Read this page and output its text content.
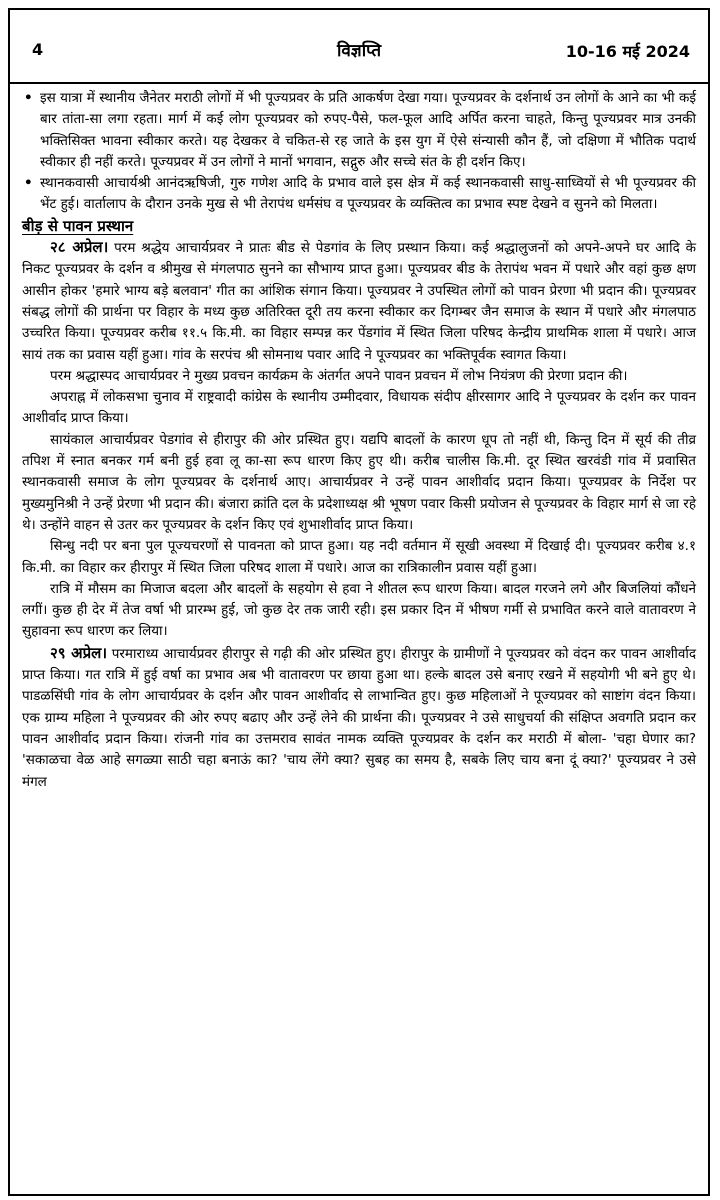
4	विज्ञप्ति	10-16 मई 2024
• इस यात्रा में स्थानीय जैनेतर मराठी लोगों में भी पूज्यप्रवर के प्रति आकर्षण देखा गया। पूज्यप्रवर के दर्शनार्थ उन लोगों के आने का भी कई बार तांता-सा लगा रहता। मार्ग में कई लोग पूज्यप्रवर को रुपए-पैसे, फल-फूल आदि अर्पित करना चाहते, किन्तु पूज्यप्रवर मात्र उनकी भक्तिसिक्त भावना स्वीकार करते। यह देखकर वे चकित-से रह जाते के इस युग में ऐसे संन्यासी कौन हैं, जो दक्षिणा में भौतिक पदार्थ स्वीकार ही नहीं करते। पूज्यप्रवर में उन लोगों ने मानों भगवान, सद्गुरु और सच्चे संत के ही दर्शन किए।
• स्थानकवासी आचार्यश्री आनंदऋषिजी, गुरु गणेश आदि के प्रभाव वाले इस क्षेत्र में कई स्थानकवासी साधु-साध्वियों से भी पूज्यप्रवर की भेंट हुई। वार्तालाप के दौरान उनके मुख से भी तेरापंथ धर्मसंघ व पूज्यप्रवर के व्यक्तित्व का प्रभाव स्पष्ट देखने व सुनने को मिलता।
बीड़ से पावन प्रस्थान

२८ अप्रेल। परम श्रद्धेय आचार्यप्रवर ने प्रातः बीड से पेडगांव के लिए प्रस्थान किया। कई श्रद्धालुजनों को अपने-अपने घर आदि के निकट पूज्यप्रवर के दर्शन व श्रीमुख से मंगलपाठ सुनने का सौभाग्य प्राप्त हुआ। पूज्यप्रवर बीड के तेरापंथ भवन में पधारे और वहां कुछ क्षण आसीन होकर 'हमारे भाग्य बड़े बलवान' गीत का आंशिक संगान किया। पूज्यप्रवर ने उपस्थित लोगों को पावन प्रेरणा भी प्रदान की। पूज्यप्रवर संबद्ध लोगों की प्रार्थना पर विहार के मध्य कुछ अतिरिक्त दूरी तय करना स्वीकार कर दिगम्बर जैन समाज के स्थान में पधारे और मंगलपाठ उच्चरित किया। पूज्यप्रवर करीब ११.५ कि.मी. का विहार सम्पन्न कर पेंडगांव में स्थित जिला परिषद केन्द्रीय प्राथमिक शाला में पधारे। आज सायं तक का प्रवास यहीं हुआ। गांव के सरपंच श्री सोमनाथ पवार आदि ने पूज्यप्रवर का भक्तिपूर्वक स्वागत किया।

परम श्रद्धास्पद आचार्यप्रवर ने मुख्य प्रवचन कार्यक्रम के अंतर्गत अपने पावन प्रवचन में लोभ नियंत्रण की प्रेरणा प्रदान की।

अपराह्न में लोकसभा चुनाव में राष्ट्रवादी कांग्रेस के स्थानीय उम्मीदवार, विधायक संदीप क्षीरसागर आदि ने पूज्यप्रवर के दर्शन कर पावन आशीर्वाद प्राप्त किया।

सायंकाल आचार्यप्रवर पेडगांव से हीरापुर की ओर प्रस्थित हुए। यद्यपि बादलों के कारण धूप तो नहीं थी, किन्तु दिन में सूर्य की तीव्र तपिश में स्नात बनकर गर्म बनी हुई हवा लू का-सा रूप धारण किए हुए थी। करीब चालीस कि.मी. दूर स्थित खरवंडी गांव में प्रवासित स्थानकवासी समाज के लोग पूज्यप्रवर के दर्शनार्थ आए। आचार्यप्रवर ने उन्हें पावन आशीर्वाद प्रदान किया। पूज्यप्रवर के निर्देश पर मुख्यमुनिश्री ने उन्हें प्रेरणा भी प्रदान की। बंजारा क्रांति दल के प्रदेशाध्यक्ष श्री भूषण पवार किसी प्रयोजन से पूज्यप्रवर के विहार मार्ग से जा रहे थे। उन्होंने वाहन से उतर कर पूज्यप्रवर के दर्शन किए एवं शुभाशीर्वाद प्राप्त किया।

सिन्धु नदी पर बना पुल पूज्यचरणों से पावनता को प्राप्त हुआ। यह नदी वर्तमान में सूखी अवस्था में दिखाई दी। पूज्यप्रवर करीब ४.१ कि.मी. का विहार कर हीरापुर में स्थित जिला परिषद शाला में पधारे। आज का रात्रिकालीन प्रवास यहीं हुआ।

रात्रि में मौसम का मिजाज बदला और बादलों के सहयोग से हवा ने शीतल रूप धारण किया। बादल गरजने लगे और बिजलियां कौंधने लगीं। कुछ ही देर में तेज वर्षा भी प्रारम्भ हुई, जो कुछ देर तक जारी रही। इस प्रकार दिन में भीषण गर्मी से प्रभावित करने वाले वातावरण ने सुहावना रूप धारण कर लिया।

२९ अप्रेल। परमाराध्य आचार्यप्रवर हीरापुर से गढ़ी की ओर प्रस्थित हुए। हीरापुर के ग्रामीणों ने पूज्यप्रवर को वंदन कर पावन आशीर्वाद प्राप्त किया। गत रात्रि में हुई वर्षा का प्रभाव अब भी वातावरण पर छाया हुआ था। हल्के बादल उसे बनाए रखने में सहयोगी भी बने हुए थे। पाडळसिंघी गांव के लोग आचार्यप्रवर के दर्शन और पावन आशीर्वाद से लाभान्वित हुए। कुछ महिलाओं ने पूज्यप्रवर को साष्टांग वंदन किया। एक ग्राम्य महिला ने पूज्यप्रवर की ओर रुपए बढाए और उन्हें लेने की प्रार्थना की। पूज्यप्रवर ने उसे साधुचर्या की संक्षिप्त अवगति प्रदान कर पावन आशीर्वाद प्रदान किया। रांजनी गांव का उत्तमराव सावंत नामक व्यक्ति पूज्यप्रवर के दर्शन कर मराठी में बोला- 'चहा घेणार का? 'सकाळचा वेळ आहे सगळ्या साठी चहा बनाऊं का? 'चाय लेंगे क्या? सुबह का समय है, सबके लिए चाय बना दूं क्या?' पूज्यप्रवर ने उसे मंगल
